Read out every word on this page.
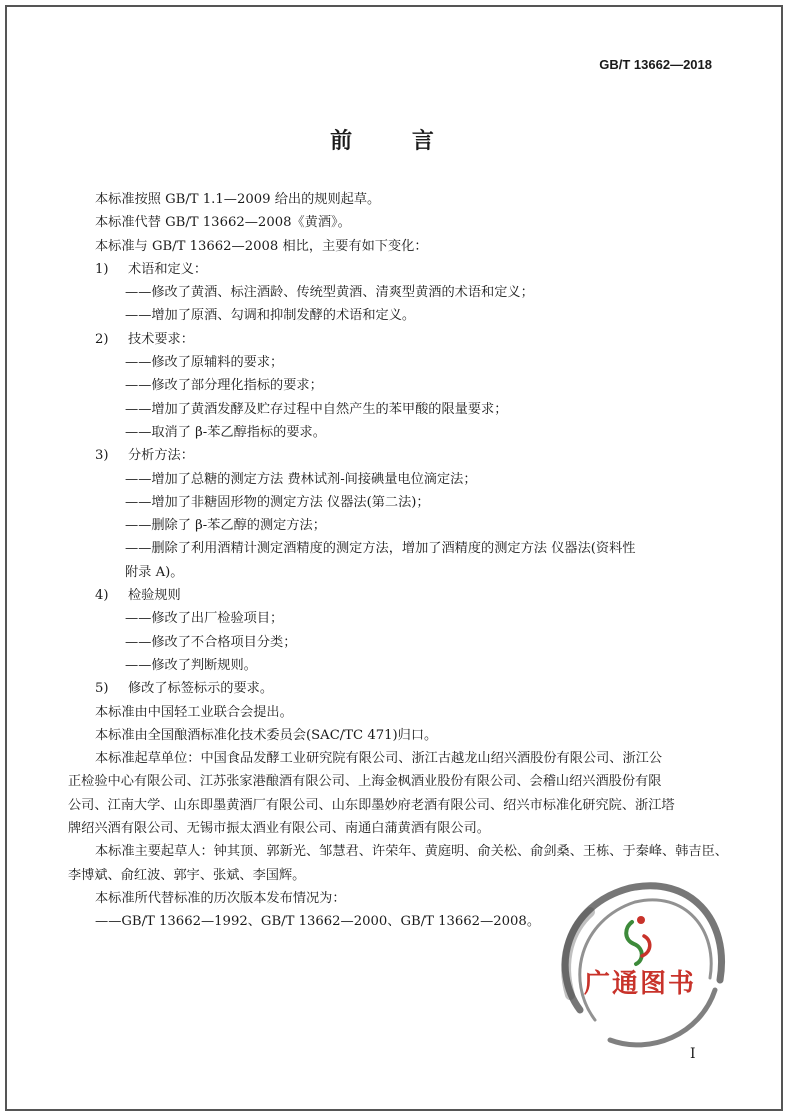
GB/T 13662—2018
前 言
本标准按照 GB/T 1.1—2009 给出的规则起草。
本标准代替 GB/T 13662—2008《黄酒》。
本标准与 GB/T 13662—2008 相比，主要有如下变化：
1) 术语和定义：
——修改了黄酒、标注酒龄、传统型黄酒、清爽型黄酒的术语和定义；
——增加了原酒、勾调和抑制发酵的术语和定义。
2) 技术要求：
——修改了原辅料的要求；
——修改了部分理化指标的要求；
——增加了黄酒发酵及贮存过程中自然产生的苯甲酸的限量要求；
——取消了 β-苯乙醇指标的要求。
3) 分析方法：
——增加了总糖的测定方法 费林试剂-间接碘量电位滴定法；
——增加了非糖固形物的测定方法 仪器法(第二法)；
——删除了 β-苯乙醇的测定方法；
——删除了利用酒精计测定酒精度的测定方法，增加了酒精度的测定方法 仪器法(资料性
附录 A)。
4) 检验规则
——修改了出厂检验项目；
——修改了不合格项目分类；
——修改了判断规则。
5) 修改了标签标示的要求。
本标准由中国轻工业联合会提出。
本标准由全国酿酒标准化技术委员会(SAC/TC 471)归口。
本标准起草单位：中国食品发酵工业研究院有限公司、浙江古越龙山绍兴酒股份有限公司、浙江公
正检验中心有限公司、江苏张家港酿酒有限公司、上海金枫酒业股份有限公司、会稽山绍兴酒股份有限
公司、江南大学、山东即墨黄酒厂有限公司、山东即墨妙府老酒有限公司、绍兴市标准化研究院、浙江塔
牌绍兴酒有限公司、无锡市振太酒业有限公司、南通白蒲黄酒有限公司。
本标准主要起草人：钟其顶、郭新光、邹慧君、许荣年、黄庭明、俞关松、俞剑桑、王栋、于秦峰、韩吉臣、
李博斌、俞红波、郭宇、张斌、李国辉。
本标准所代替标准的历次版本发布情况为：
——GB/T 13662—1992、GB/T 13662—2000、GB/T 13662—2008。
广通图书
I
